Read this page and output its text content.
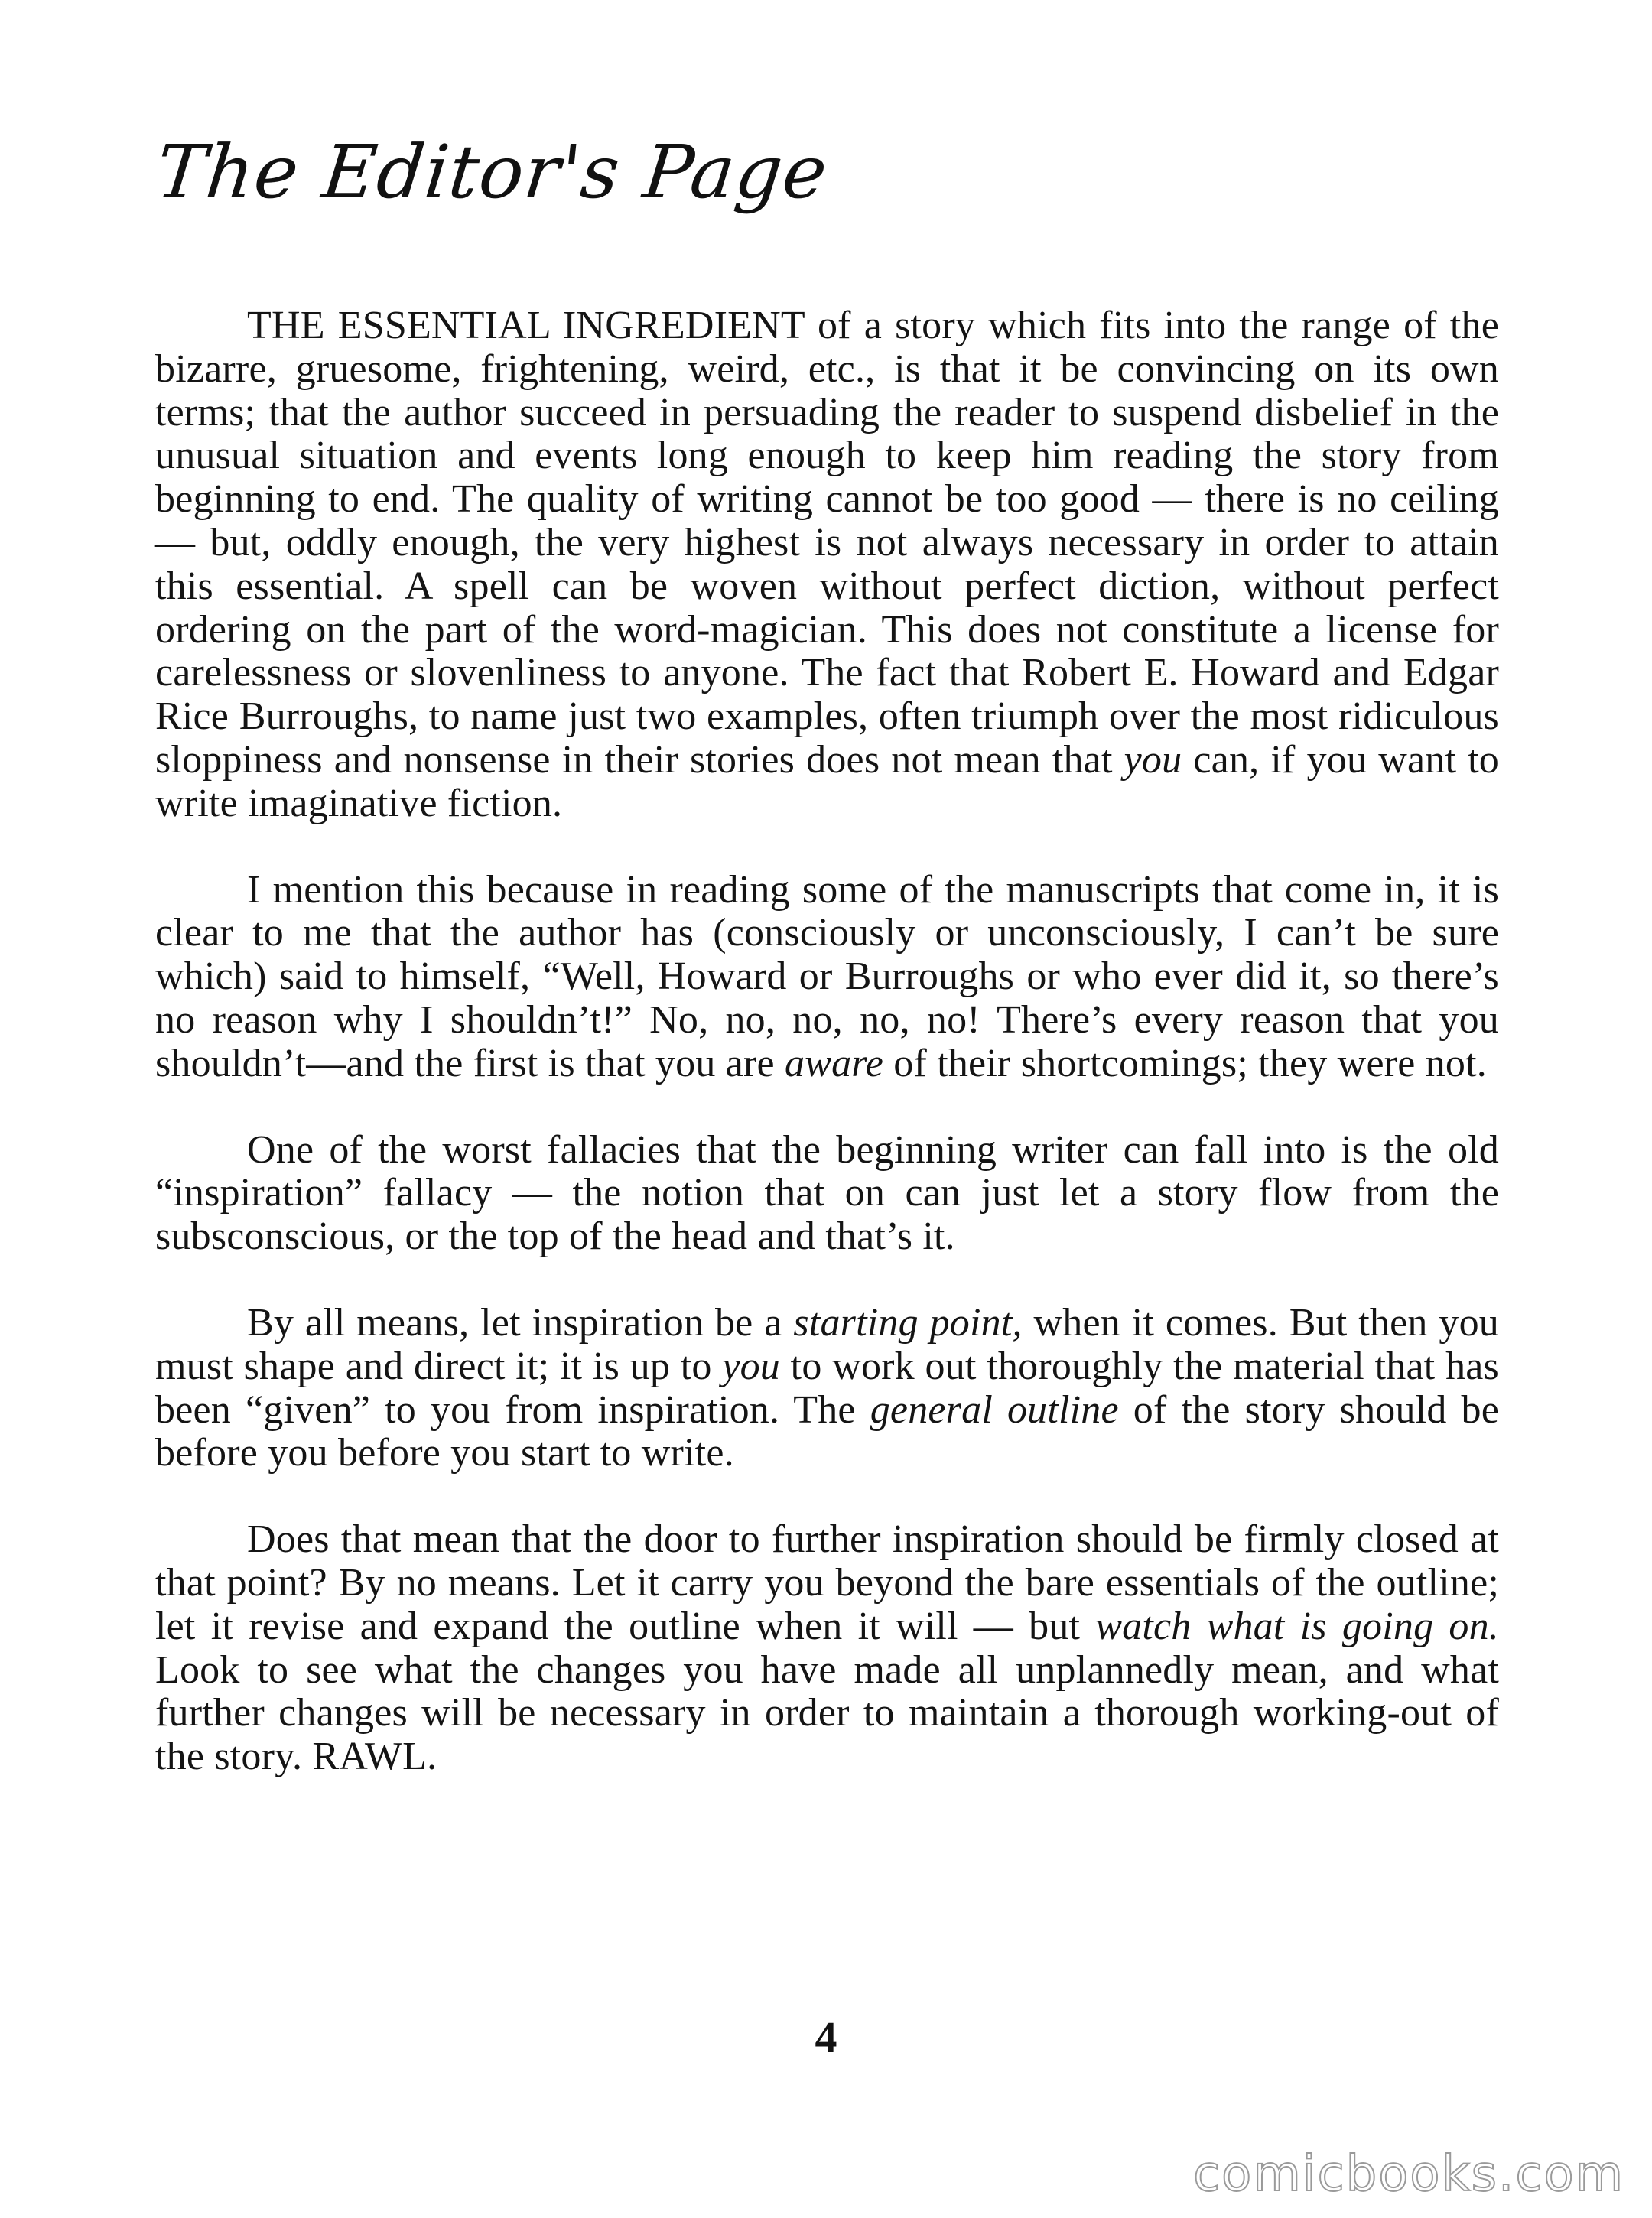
The Editor's Page

THE ESSENTIAL INGREDIENT of a story which fits into the range of the bizarre, gruesome, frightening, weird, etc., is that it be convincing on its own terms; that the author succeed in persuading the reader to suspend disbelief in the unusual situation and events long enough to keep him reading the story from beginning to end. The quality of writing cannot be too good — there is no ceiling — but, oddly enough, the very highest is not always necessary in order to attain this essential. A spell can be woven without perfect diction, without perfect ordering on the part of the word-magician. This does not constitute a license for carelessness or slovenliness to anyone. The fact that Robert E. Howard and Edgar Rice Burroughs, to name just two examples, often triumph over the most ridiculous sloppiness and nonsense in their stories does not mean that you can, if you want to write imaginative fiction.

I mention this because in reading some of the manuscripts that come in, it is clear to me that the author has (consciously or unconsciously, I can’t be sure which) said to himself, “Well, Howard or Burroughs or who ever did it, so there’s no reason why I shouldn’t!” No, no, no, no, no! There’s every reason that you shouldn’t—and the first is that you are aware of their shortcomings; they were not.

One of the worst fallacies that the beginning writer can fall into is the old “inspiration” fallacy — the notion that on can just let a story flow from the subsconscious, or the top of the head and that’s it.

By all means, let inspiration be a starting point, when it comes. But then you must shape and direct it; it is up to you to work out thoroughly the material that has been “given” to you from inspiration. The general outline of the story should be before you before you start to write.

Does that mean that the door to further inspiration should be firmly closed at that point? By no means. Let it carry you beyond the bare essentials of the outline; let it revise and expand the outline when it will — but watch what is going on. Look to see what the changes you have made all unplannedly mean, and what further changes will be necessary in order to maintain a thorough working-out of the story. RAWL.

4
comicbooks.com
